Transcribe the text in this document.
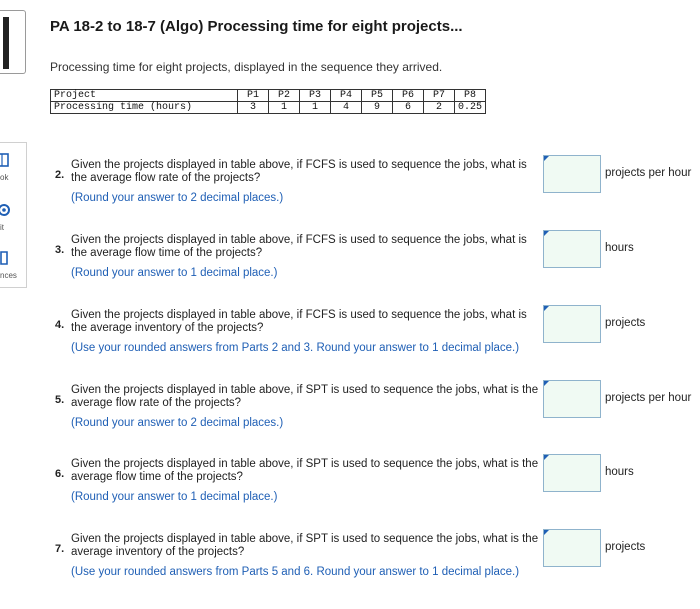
ok
it
nces
PA 18-2 to 18-7 (Algo) Processing time for eight projects...
Processing time for eight projects, displayed in the sequence they arrived.
Project	P1	P2	P3	P4	P5	P6	P7	P8
Processing time (hours)	3	1	1	4	9	6	2	0.25
2.
Given the projects displayed in table above, if FCFS is used to sequence the jobs, what is the average flow rate of the projects?
(Round your answer to 2 decimal places.)
projects per hour
3.
Given the projects displayed in table above, if FCFS is used to sequence the jobs, what is the average flow time of the projects?
(Round your answer to 1 decimal place.)
hours
4.
Given the projects displayed in table above, if FCFS is used to sequence the jobs, what is the average inventory of the projects?
(Use your rounded answers from Parts 2 and 3. Round your answer to 1 decimal place.)
projects
5.
Given the projects displayed in table above, if SPT is used to sequence the jobs, what is the average flow rate of the projects?
(Round your answer to 2 decimal places.)
projects per hour
6.
Given the projects displayed in table above, if SPT is used to sequence the jobs, what is the average flow time of the projects?
(Round your answer to 1 decimal place.)
hours
7.
Given the projects displayed in table above, if SPT is used to sequence the jobs, what is the average inventory of the projects?
(Use your rounded answers from Parts 5 and 6. Round your answer to 1 decimal place.)
projects
